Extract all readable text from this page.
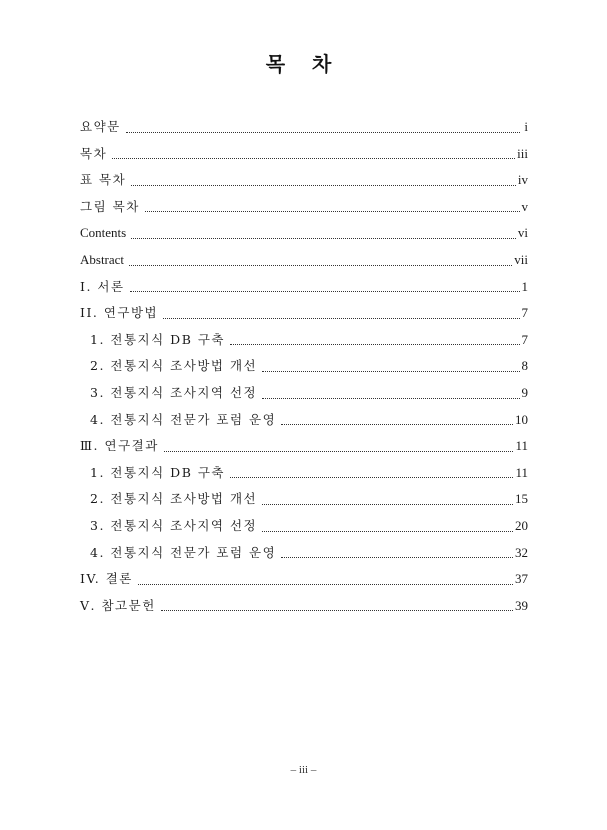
목 차
요약문	i
목차	iii
표 목차	iv
그림 목차	v
Contents	vi
Abstract	vii
I. 서론	1
II. 연구방법	7
1. 전통지식 DB 구축	7
2. 전통지식 조사방법 개선	8
3. 전통지식 조사지역 선정	9
4. 전통지식 전문가 포럼 운영	10
Ⅲ. 연구결과	11
1. 전통지식 DB 구축	11
2. 전통지식 조사방법 개선	15
3. 전통지식 조사지역 선정	20
4. 전통지식 전문가 포럼 운영	32
IV. 결론	37
Ⅴ. 참고문헌	39
– iii –
